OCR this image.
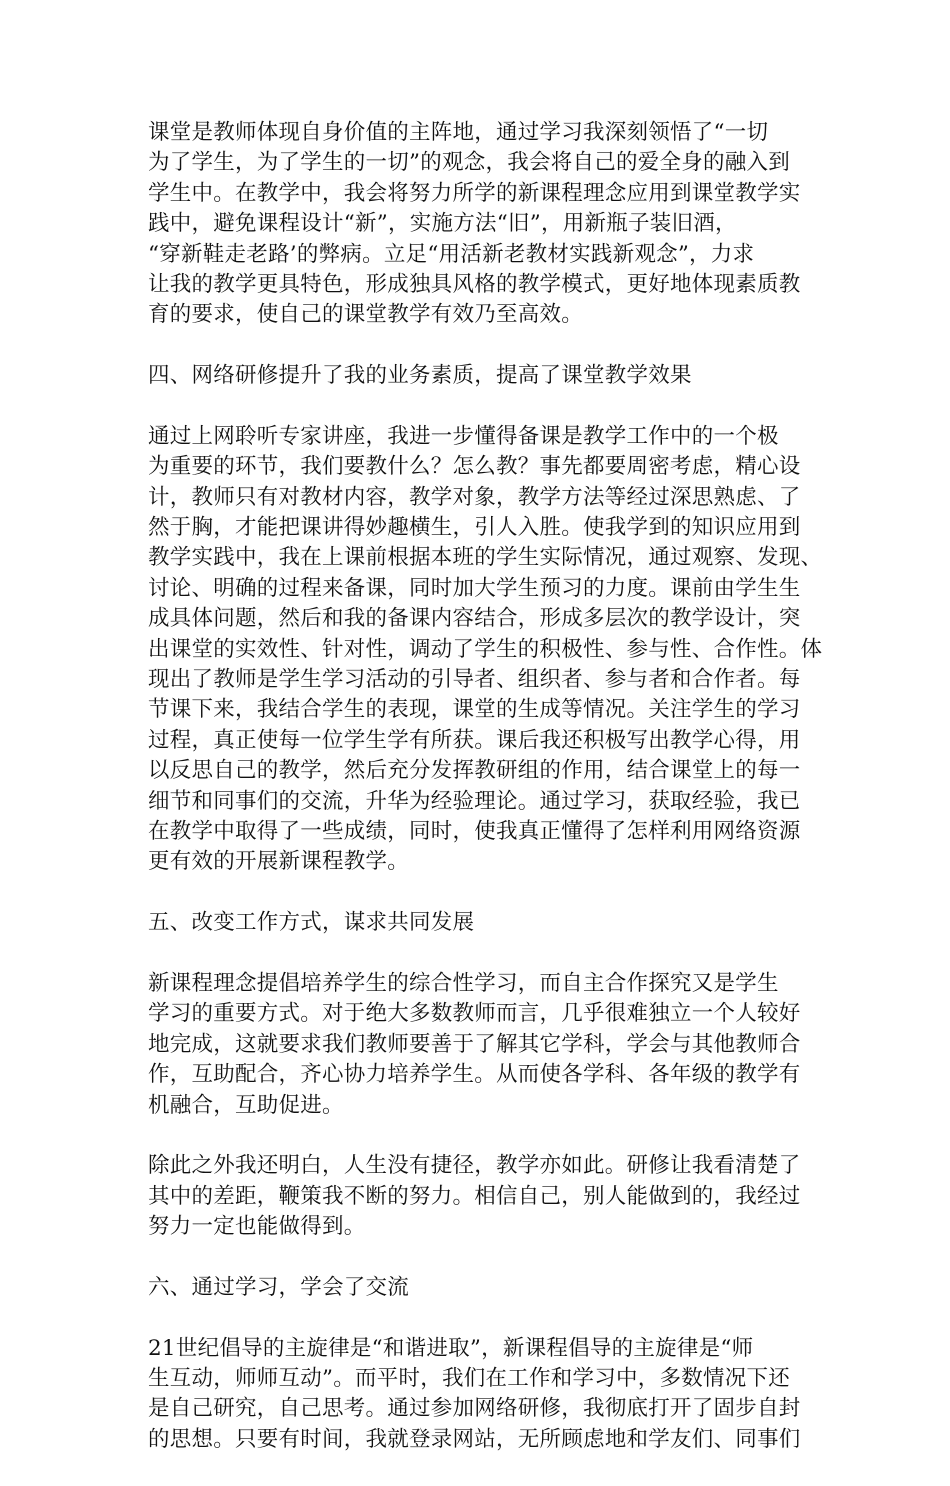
课堂是教师体现自身价值的主阵地，通过学习我深刻领悟了“一切
为了学生，为了学生的一切”的观念，我会将自己的爱全身的融入到
学生中。在教学中，我会将努力所学的新课程理念应用到课堂教学实
践中，避免课程设计“新”，实施方法“旧”，用新瓶子装旧酒，
“穿新鞋走老路’的弊病。立足“用活新老教材实践新观念”，力求
让我的教学更具特色，形成独具风格的教学模式，更好地体现素质教
育的要求，使自己的课堂教学有效乃至高效。
四、网络研修提升了我的业务素质，提高了课堂教学效果
通过上网聆听专家讲座，我进一步懂得备课是教学工作中的一个极
为重要的环节，我们要教什么？怎么教？事先都要周密考虑，精心设
计，教师只有对教材内容，教学对象，教学方法等经过深思熟虑、了
然于胸，才能把课讲得妙趣横生，引人入胜。使我学到的知识应用到
教学实践中，我在上课前根据本班的学生实际情况，通过观察、发现、
讨论、明确的过程来备课，同时加大学生预习的力度。课前由学生生
成具体问题，然后和我的备课内容结合，形成多层次的教学设计，突
出课堂的实效性、针对性，调动了学生的积极性、参与性、合作性。体
现出了教师是学生学习活动的引导者、组织者、参与者和合作者。每
节课下来，我结合学生的表现，课堂的生成等情况。关注学生的学习
过程，真正使每一位学生学有所获。课后我还积极写出教学心得，用
以反思自己的教学，然后充分发挥教研组的作用，结合课堂上的每一
细节和同事们的交流，升华为经验理论。通过学习，获取经验，我已
在教学中取得了一些成绩，同时，使我真正懂得了怎样利用网络资源
更有效的开展新课程教学。
五、改变工作方式，谋求共同发展
新课程理念提倡培养学生的综合性学习，而自主合作探究又是学生
学习的重要方式。对于绝大多数教师而言，几乎很难独立一个人较好
地完成，这就要求我们教师要善于了解其它学科，学会与其他教师合
作，互助配合，齐心协力培养学生。从而使各学科、各年级的教学有
机融合，互助促进。
除此之外我还明白，人生没有捷径，教学亦如此。研修让我看清楚了
其中的差距，鞭策我不断的努力。相信自己，别人能做到的，我经过
努力一定也能做得到。
六、通过学习，学会了交流
21世纪倡导的主旋律是“和谐进取”，新课程倡导的主旋律是“师
生互动，师师互动”。而平时，我们在工作和学习中，多数情况下还
是自己研究，自己思考。通过参加网络研修，我彻底打开了固步自封
的思想。只要有时间，我就登录网站，无所顾虑地和学友们、同事们
